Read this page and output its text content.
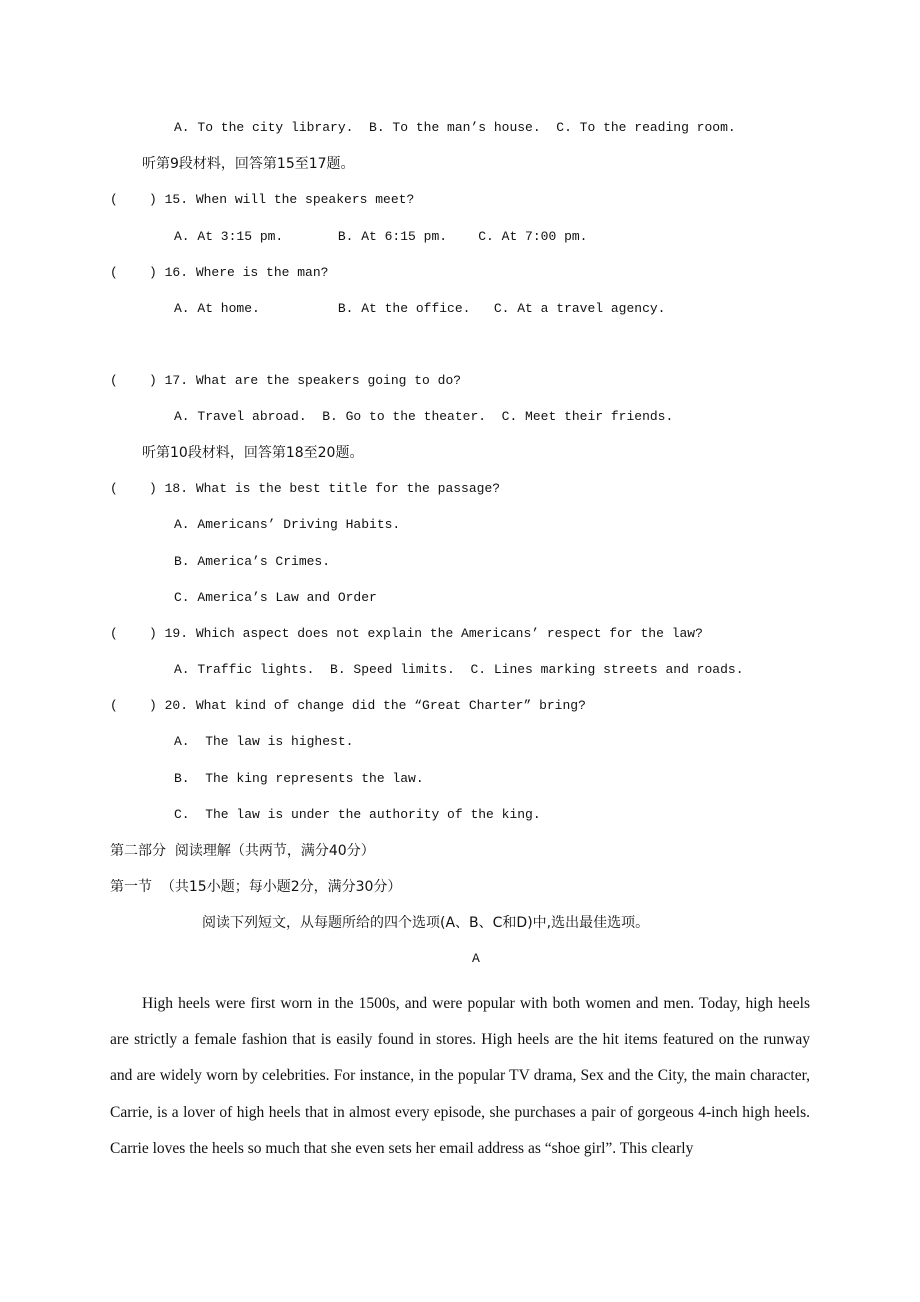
A. To the city library.  B. To the man’s house.  C. To the reading room.
听第9段材料，回答第15至17题。
(    ) 15. When will the speakers meet?
A. At 3:15 pm.       B. At 6:15 pm.    C. At 7:00 pm.
(    ) 16. Where is the man?
A. At home.          B. At the office.   C. At a travel agency.
(    ) 17. What are the speakers going to do?
A. Travel abroad.  B. Go to the theater.  C. Meet their friends.
听第10段材料，回答第18至20题。
(    ) 18. What is the best title for the passage?
A. Americans’ Driving Habits.
B. America’s Crimes.
C. America’s Law and Order
(    ) 19. Which aspect does not explain the Americans’ respect for the law?
A. Traffic lights.  B. Speed limits.  C. Lines marking streets and roads.
(    ) 20. What kind of change did the “Great Charter” bring?
A.  The law is highest.
B.  The king represents the law.
C.  The law is under the authority of the king.
第二部分  阅读理解（共两节，满分40分）
第一节  （共15小题；每小题2分，满分30分）
阅读下列短文，从每题所给的四个选项(A、B、C和D)中,选出最佳选项。
A
High heels were first worn in the 1500s, and were popular with both women and men. Today, high heels are strictly a female fashion that is easily found in stores. High heels are the hit items featured on the runway and are widely worn by celebrities. For instance, in the popular TV drama, Sex and the City, the main character, Carrie, is a lover of high heels that in almost every episode, she purchases a pair of gorgeous 4-inch high heels. Carrie loves the heels so much that she even sets her email address as “shoe girl”. This clearly
